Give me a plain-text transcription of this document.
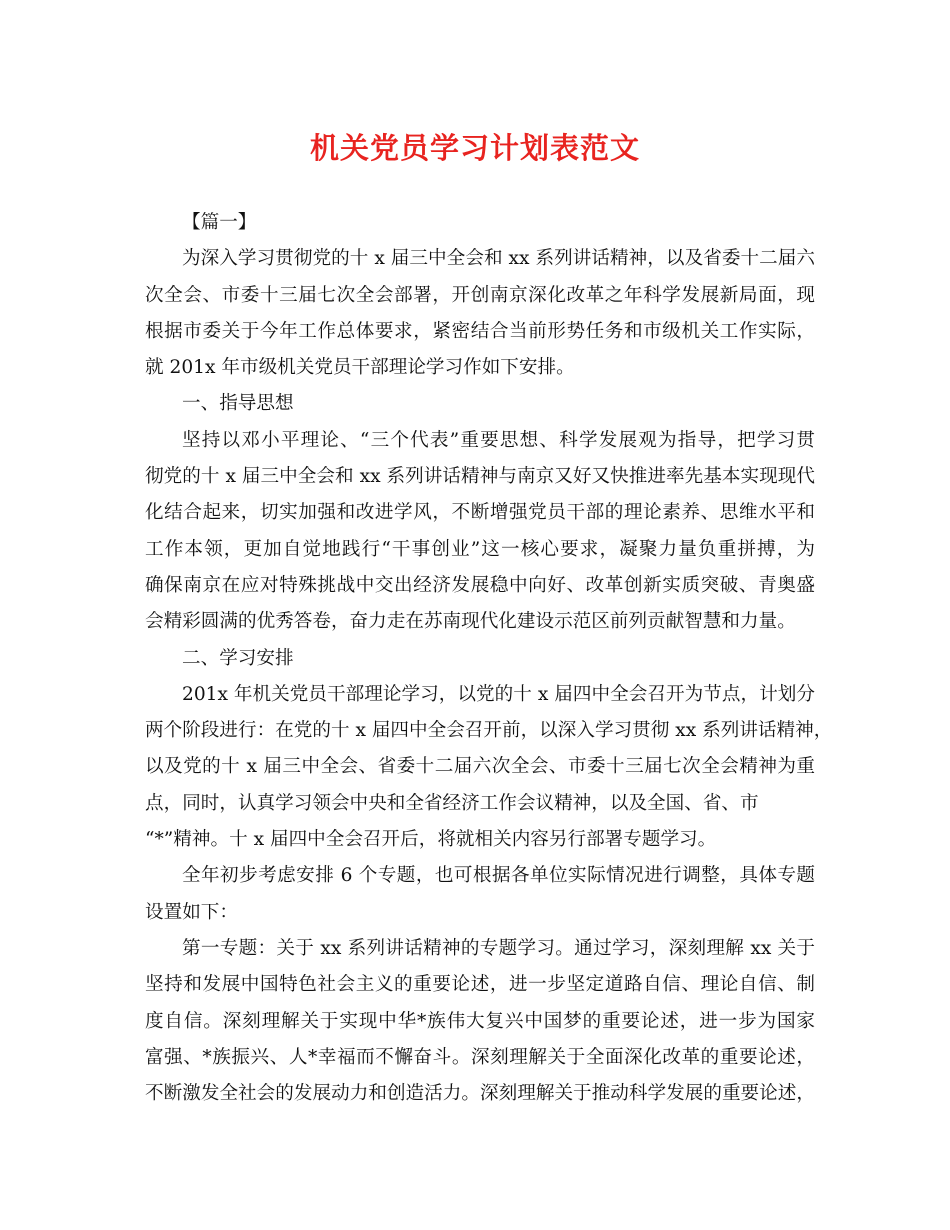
机关党员学习计划表范文

【篇一】

为深入学习贯彻党的十 x 届三中全会和 xx 系列讲话精神，以及省委十二届六

次全会、市委十三届七次全会部署，开创南京深化改革之年科学发展新局面，现

根据市委关于今年工作总体要求，紧密结合当前形势任务和市级机关工作实际，

就 201x 年市级机关党员干部理论学习作如下安排。

一、指导思想

坚持以邓小平理论、“三个代表”重要思想、科学发展观为指导，把学习贯

彻党的十 x 届三中全会和 xx 系列讲话精神与南京又好又快推进率先基本实现现代

化结合起来，切实加强和改进学风，不断增强党员干部的理论素养、思维水平和

工作本领，更加自觉地践行“干事创业”这一核心要求，凝聚力量负重拼搏，为

确保南京在应对特殊挑战中交出经济发展稳中向好、改革创新实质突破、青奥盛

会精彩圆满的优秀答卷，奋力走在苏南现代化建设示范区前列贡献智慧和力量。

二、学习安排

201x 年机关党员干部理论学习，以党的十 x 届四中全会召开为节点，计划分

两个阶段进行：在党的十 x 届四中全会召开前，以深入学习贯彻 xx 系列讲话精神，

以及党的十 x 届三中全会、省委十二届六次全会、市委十三届七次全会精神为重

点，同时，认真学习领会中央和全省经济工作会议精神，以及全国、省、市

“*”精神。十 x 届四中全会召开后，将就相关内容另行部署专题学习。

全年初步考虑安排 6 个专题，也可根据各单位实际情况进行调整，具体专题

设置如下：

第一专题：关于 xx 系列讲话精神的专题学习。通过学习，深刻理解 xx 关于

坚持和发展中国特色社会主义的重要论述，进一步坚定道路自信、理论自信、制

度自信。深刻理解关于实现中华*族伟大复兴中国梦的重要论述，进一步为国家

富强、*族振兴、人*幸福而不懈奋斗。深刻理解关于全面深化改革的重要论述，

不断激发全社会的发展动力和创造活力。深刻理解关于推动科学发展的重要论述，
